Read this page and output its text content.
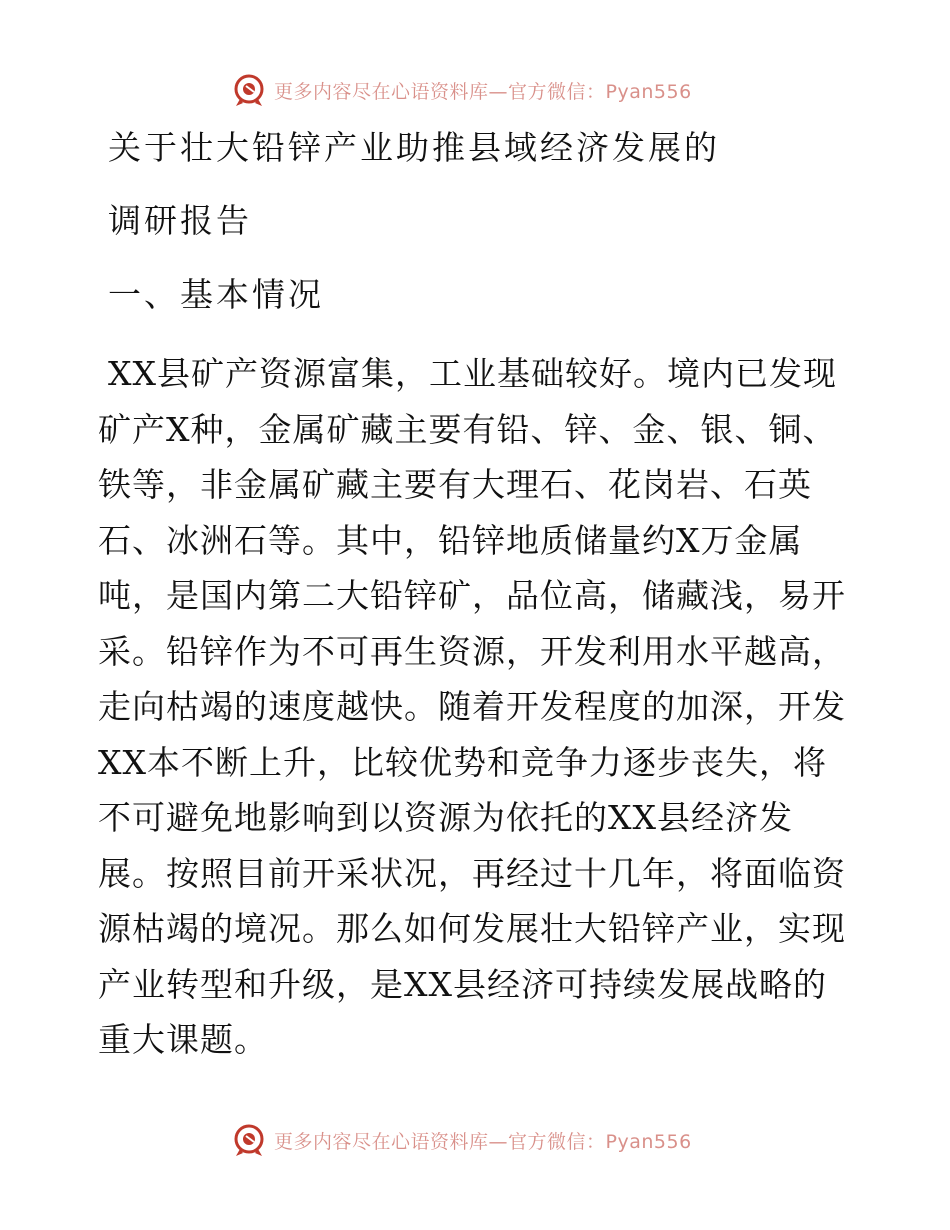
更多内容尽在心语资料库—官方微信：Pyan556
关于壮大铅锌产业助推县域经济发展的
调研报告
一、基本情况

XX县矿产资源富集，工业基础较好。境内已发现矿产X种，金属矿藏主要有铅、锌、金、银、铜、铁等，非金属矿藏主要有大理石、花岗岩、石英石、冰洲石等。其中，铅锌地质储量约X万金属吨，是国内第二大铅锌矿，品位高，储藏浅，易开采。铅锌作为不可再生资源，开发利用水平越高，走向枯竭的速度越快。随着开发程度的加深，开发XX本不断上升，比较优势和竞争力逐步丧失，将不可避免地影响到以资源为依托的XX县经济发展。按照目前开采状况，再经过十几年，将面临资源枯竭的境况。那么如何发展壮大铅锌产业，实现产业转型和升级，是XX县经济可持续发展战略的重大课题。

更多内容尽在心语资料库—官方微信：Pyan556
